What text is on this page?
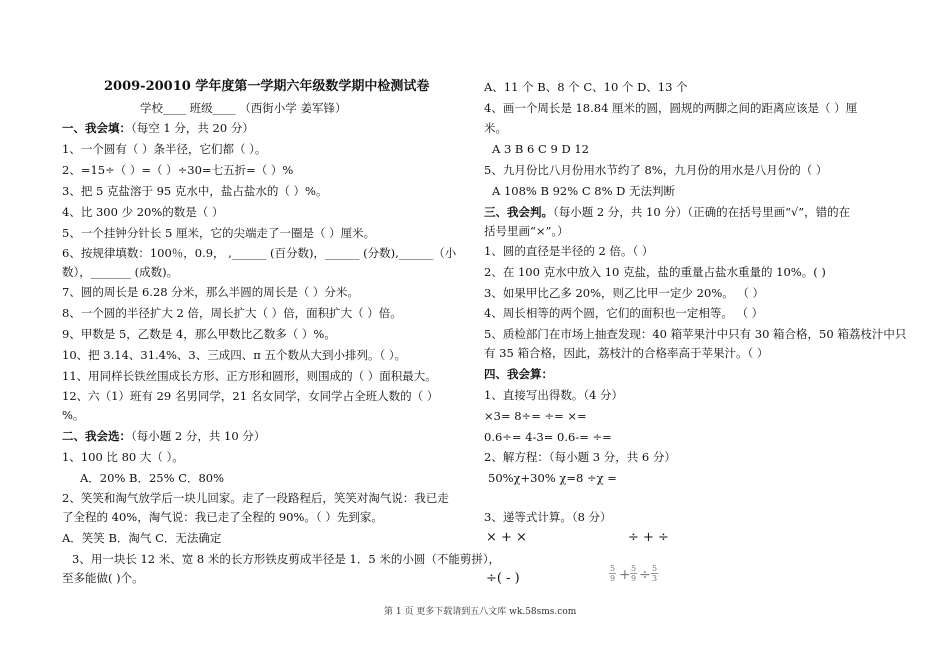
2009-20010 学年度第一学期六年级数学期中检测试卷
学校____ 班级____ （西街小学 姜军锋）
一、我会填：（每空 1 分，共 20 分）
1、一个圆有（ ）条半径，它们都（ ）。
2、=15÷（ ）=（ ）÷30=七五折=（ ）%
3、把 5 克盐溶于 95 克水中，盐占盐水的（ ）%。
4、比 300 少 20%的数是（ ）
5、一个挂钟分针长 5 厘米，它的尖端走了一圈是（ ）厘米。
6、按规律填数：100％，0.9， ,______ (百分数)，______ (分数),______（小
数），_______ (成数)。
7、圆的周长是 6.28 分米，那么半圆的周长是（ ）分米。
8、一个圆的半径扩大 2 倍，周长扩大（ ）倍，面积扩大（ ）倍。
9、甲数是 5，乙数是 4，那么甲数比乙数多（ ）%。
10、把 3.14、31.4%、3、三成四、π 五个数从大到小排列。（ ）。
11、用同样长铁丝围成长方形、正方形和圆形，则围成的（ ）面积最大。
12、六（1）班有 29 名男同学，21 名女同学，女同学占全班人数的（ ）
%。
二、我会选：（每小题 2 分，共 10 分）
1、100 比 80 大（ ）。
A．20% B．25% C．80%
2、笑笑和淘气放学后一块儿回家。走了一段路程后，笑笑对淘气说：我已走
了全程的 40%，淘气说：我已走了全程的 90%。（ ）先到家。
A．笑笑 B．淘气 C．无法确定
3、用一块长 12 米、宽 8 米的长方形铁皮剪成半径是 1．5 米的小圆（不能剪拼），
至多能做( )个。
A、11 个 B、8 个 C、10 个 D、13 个
4、画一个周长是 18.84 厘米的圆，圆规的两脚之间的距离应该是（ ）厘
米。
A 3 B 6 C 9 D 12
5、九月份比八月份用水节约了 8%，九月份的用水是八月份的（ ）
A 108% B 92% C 8% D 无法判断
三、我会判。（每小题 2 分，共 10 分）（正确的在括号里画“√”，错的在
括号里画“×”。）
1、圆的直径是半径的 2 倍。（ ）
2、在 100 克水中放入 10 克盐，盐的重量占盐水重量的 10%。( )
3、如果甲比乙多 20%，则乙比甲一定少 20%。 （ ）
4、周长相等的两个圆，它们的面积也一定相等。 （ ）
5、质检部门在市场上抽查发现：40 箱苹果汁中只有 30 箱合格，50 箱荔枝汁中只
有 35 箱合格，因此，荔枝汁的合格率高于苹果汁。（ ）
四、我会算：
1、直接写出得数。（4 分）
×3= 8÷= ÷= ×=
0.6÷= 4-3= 0.6-= ÷=
2、解方程：（每小题 3 分，共 6 分）
50%χ+30% χ=8 ÷χ =
3、递等式计算。（8 分）
× + ×	÷ + ÷
÷( - )
5
9 + 5
9 ÷ 5
3
第 1 页 更多下载请到五八文库 wk.58sms.com
